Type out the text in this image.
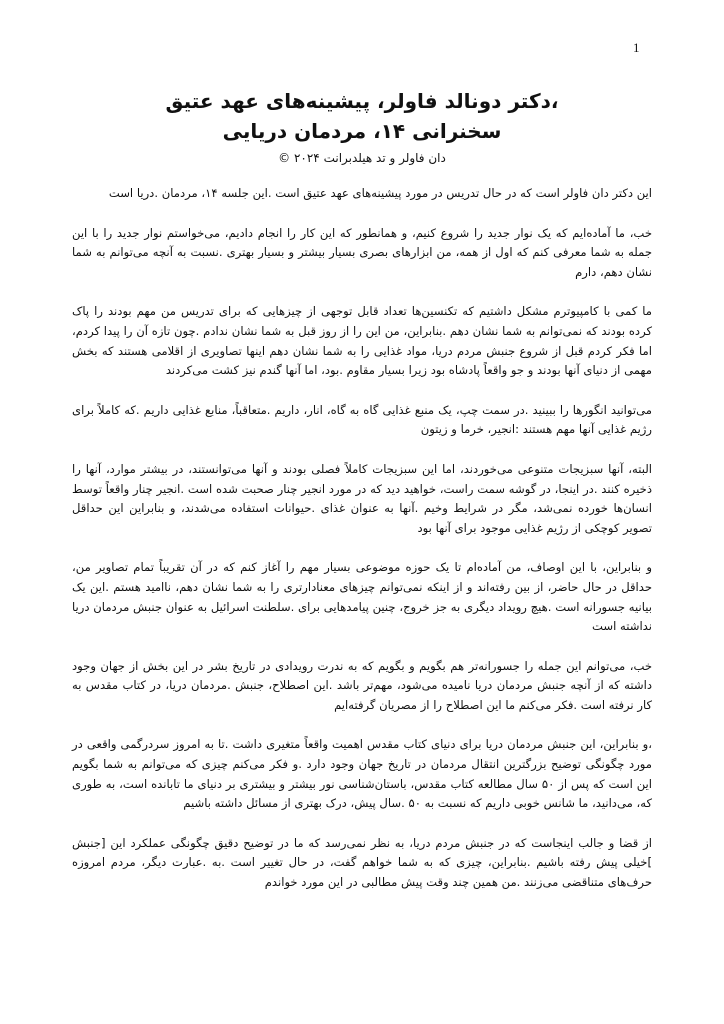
1
،دکتر دونالد فاولر، پیشینه‌های عهد عتیق
سخنرانی ۱۴، مردمان دریایی
دان فاولر و تد هیلدبرانت ۲۰۲۴ ©

این دکتر دان فاولر است که در حال تدریس در مورد پیشینه‌های عهد عتیق است .این جلسه ۱۴، مردمان .دریا است

خب، ما آماده‌ایم که یک نوار جدید را شروع کنیم، و همانطور که این کار را انجام دادیم، می‌خواستم نوار جدید را با این جمله به شما معرفی کنم که اول از همه، من ابزارهای بصری بسیار بیشتر و بسیار بهتری .نسبت به آنچه می‌توانم به شما نشان دهم، دارم

ما کمی با کامپیوترم مشکل داشتیم که تکنسین‌ها تعداد قابل توجهی از چیزهایی که برای تدریس من مهم بودند را پاک کرده بودند که نمی‌توانم به شما نشان دهم .بنابراین، من این را از روز قبل به شما نشان ندادم .چون تازه آن را پیدا کردم، اما فکر کردم قبل از شروع جنبش مردم دریا، مواد غذایی را به شما نشان دهم اینها تصاویری از اقلامی هستند که بخش مهمی از دنیای آنها بودند و جو واقعاً پادشاه بود زیرا بسیار مقاوم .بود، اما آنها گندم نیز کشت می‌کردند

می‌توانید انگورها را ببینید .در سمت چپ، یک منبع غذایی گاه به گاه، انار، داریم .متعاقباً، منابع غذایی داریم .که کاملاً برای رژیم غذایی آنها مهم هستند :انجیر، خرما و زیتون

البته، آنها سبزیجات متنوعی می‌خوردند، اما این سبزیجات کاملاً فصلی بودند و آنها می‌توانستند، در بیشتر موارد، آنها را ذخیره کنند .در اینجا، در گوشه سمت راست، خواهید دید که در مورد انجیر چنار صحبت شده است .انجیر چنار واقعاً توسط انسان‌ها خورده نمی‌شد، مگر در شرایط وخیم .آنها به عنوان غذای .حیوانات استفاده می‌شدند، و بنابراین این حداقل تصویر کوچکی از رژیم غذایی موجود برای آنها بود

و بنابراین، با این اوصاف، من آماده‌ام تا یک حوزه موضوعی بسیار مهم را آغاز کنم که در آن تقریباً تمام تصاویر من، حداقل در حال حاضر، از بین رفته‌اند و از اینکه نمی‌توانم چیزهای معنادارتری را به شما نشان دهم، ناامید هستم .این یک بیانیه جسورانه است .هیچ رویداد دیگری به جز خروج، چنین پیامدهایی برای .سلطنت اسرائیل به عنوان جنبش مردمان دریا نداشته است

خب، می‌توانم این جمله را جسورانه‌تر هم بگویم و بگویم که به ندرت رویدادی در تاریخ بشر در این بخش از جهان وجود داشته که از آنچه جنبش مردمان دریا نامیده می‌شود، مهم‌تر باشد .این اصطلاح، جنبش .مردمان دریا، در کتاب مقدس به کار نرفته است .فکر می‌کنم ما این اصطلاح را از مصریان گرفته‌ایم

،و بنابراین، این جنبش مردمان دریا برای دنیای کتاب مقدس اهمیت واقعاً متغیری داشت .تا به امروز سردرگمی واقعی در مورد چگونگی توضیح بزرگترین انتقال مردمان در تاریخ جهان وجود دارد .و فکر می‌کنم چیزی که می‌توانم به شما بگویم این است که پس از ۵۰ سال مطالعه کتاب مقدس، باستان‌شناسی نور بیشتر و بیشتری بر دنیای ما تابانده است، به طوری که، می‌دانید، ما شانس خوبی داریم که نسبت به ۵۰ .سال پیش، درک بهتری از مسائل داشته باشیم

از قضا و جالب اینجاست که در جنبش مردم دریا، به نظر نمی‌رسد که ما در توضیح دقیق چگونگی عملکرد این [جنبش ]خیلی پیش رفته باشیم .بنابراین، چیزی که به شما خواهم گفت، در حال تغییر است .به .عبارت دیگر، مردم امروزه حرف‌های متناقضی می‌زنند .من همین چند وقت پیش مطالبی در این مورد خواندم
